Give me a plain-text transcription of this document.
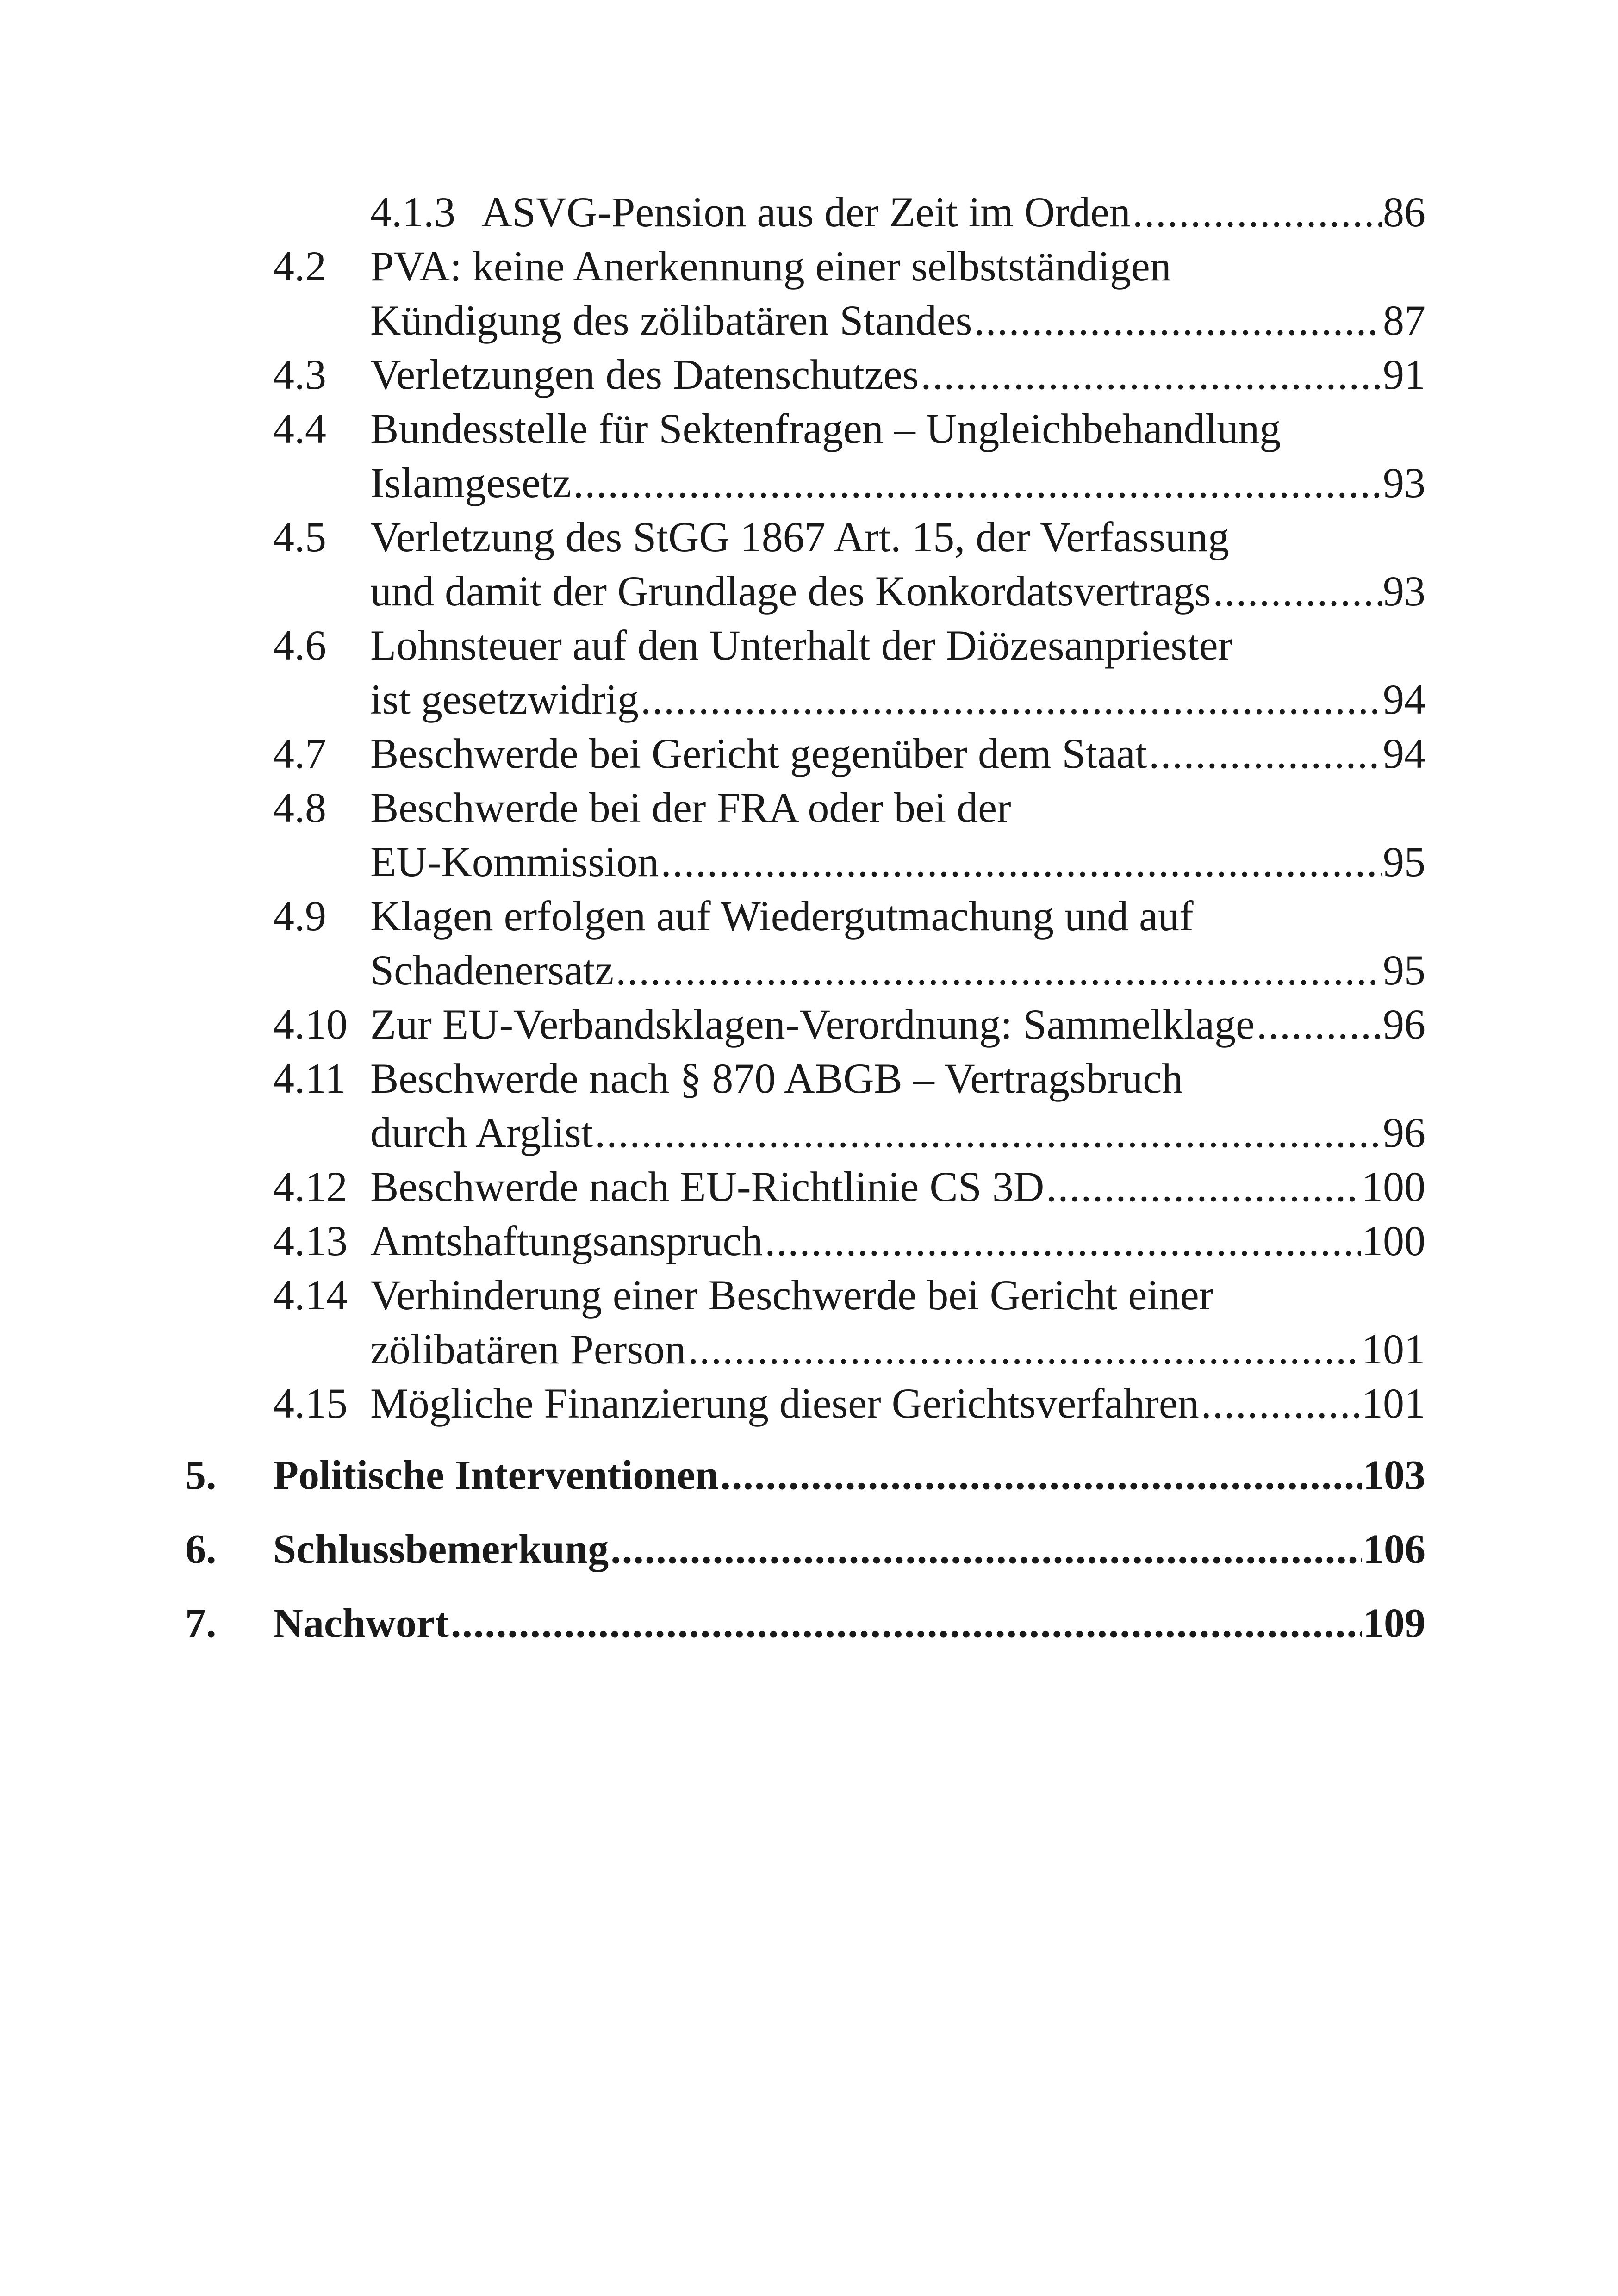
4.1.3 ASVG-Pension aus der Zeit im Orden .....	86
4.2 PVA: keine Anerkennung einer selbstständigen
Kündigung des zölibatären Standes .....	87
4.3 Verletzungen des Datenschutzes .....	91
4.4 Bundesstelle für Sektenfragen – Ungleichbehandlung
Islamgesetz .....	93
4.5 Verletzung des StGG 1867 Art. 15, der Verfassung
und damit der Grundlage des Konkordatsvertrags .....	93
4.6 Lohnsteuer auf den Unterhalt der Diözesanpriester
ist gesetzwidrig .....	94
4.7 Beschwerde bei Gericht gegenüber dem Staat .....	94
4.8 Beschwerde bei der FRA oder bei der
EU-Kommission .....	95
4.9 Klagen erfolgen auf Wiedergutmachung und auf
Schadenersatz .....	95
4.10 Zur EU-Verbandsklagen-Verordnung: Sammelklage .....	96
4.11 Beschwerde nach § 870 ABGB – Vertragsbruch
durch Arglist .....	96
4.12 Beschwerde nach EU-Richtlinie CS 3D .....	100
4.13 Amtshaftungsanspruch .....	100
4.14 Verhinderung einer Beschwerde bei Gericht einer
zölibatären Person .....	101
4.15 Mögliche Finanzierung dieser Gerichtsverfahren .....	101
5. Politische Interventionen .....	103
6. Schlussbemerkung .....	106
7. Nachwort .....	109
